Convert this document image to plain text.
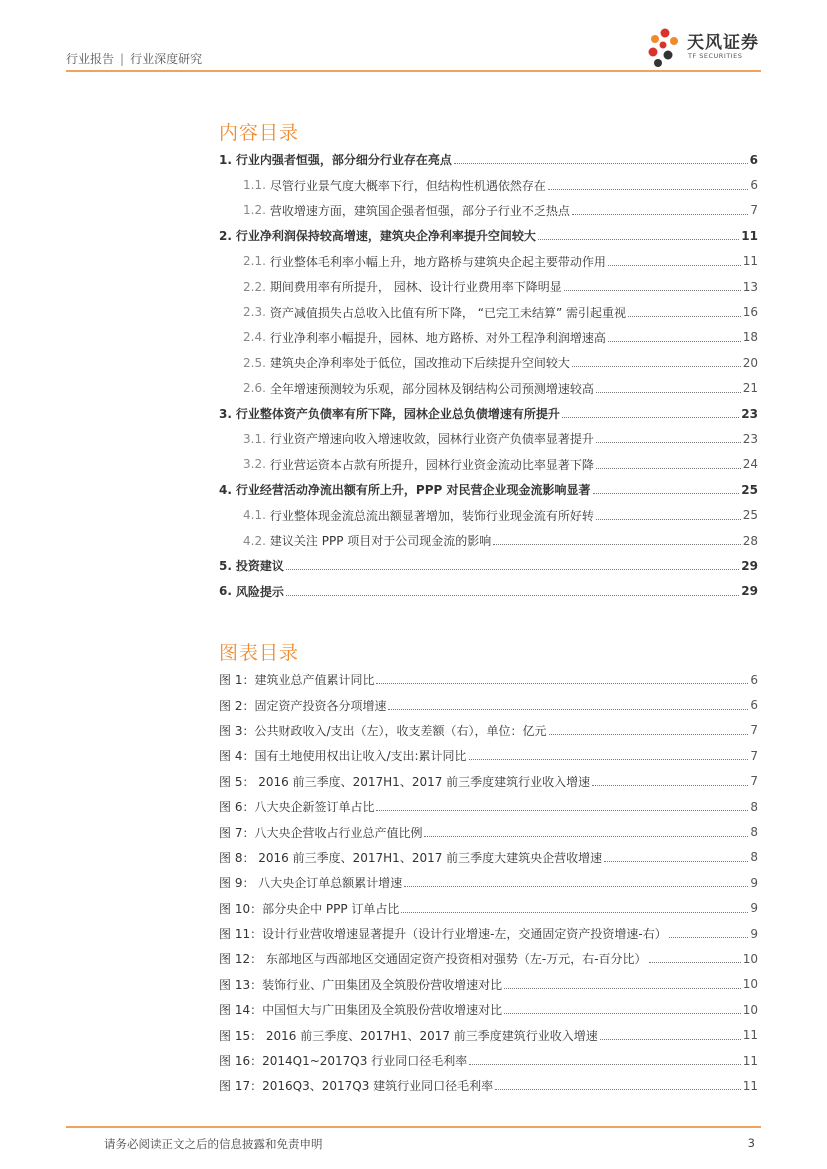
行业报告 | 行业深度研究
天风证券
TF SECURITIES
内容目录
1. 行业内强者恒强，部分细分行业存在亮点	6
1.1. 尽管行业景气度大概率下行，但结构性机遇依然存在	6
1.2. 营收增速方面，建筑国企强者恒强，部分子行业不乏热点	7
2. 行业净利润保持较高增速，建筑央企净利率提升空间较大	11
2.1. 行业整体毛利率小幅上升，地方路桥与建筑央企起主要带动作用	11
2.2. 期间费用率有所提升， 园林、设计行业费用率下降明显	13
2.3. 资产减值损失占总收入比值有所下降， “已完工未结算” 需引起重视	16
2.4. 行业净利率小幅提升，园林、地方路桥、对外工程净利润增速高	18
2.5. 建筑央企净利率处于低位，国改推动下后续提升空间较大	20
2.6. 全年增速预测较为乐观，部分园林及钢结构公司预测增速较高	21
3. 行业整体资产负债率有所下降，园林企业总负债增速有所提升	23
3.1. 行业资产增速向收入增速收敛，园林行业资产负债率显著提升	23
3.2. 行业营运资本占款有所提升，园林行业资金流动比率显著下降	24
4. 行业经营活动净流出额有所上升，PPP 对民营企业现金流影响显著	25
4.1. 行业整体现金流总流出额显著增加，装饰行业现金流有所好转	25
4.2. 建议关注 PPP 项目对于公司现金流的影响	28
5. 投资建议	29
6. 风险提示	29
图表目录
图 1：建筑业总产值累计同比	6
图 2：固定资产投资各分项增速	6
图 3：公共财政收入/支出（左），收支差额（右），单位：亿元	7
图 4：国有土地使用权出让收入/支出:累计同比	7
图 5： 2016 前三季度、2017H1、2017 前三季度建筑行业收入增速	7
图 6：八大央企新签订单占比	8
图 7：八大央企营收占行业总产值比例	8
图 8： 2016 前三季度、2017H1、2017 前三季度大建筑央企营收增速	8
图 9： 八大央企订单总额累计增速	9
图 10：部分央企中 PPP 订单占比	9
图 11：设计行业营收增速显著提升（设计行业增速-左，交通固定资产投资增速-右）	9
图 12： 东部地区与西部地区交通固定资产投资相对强势（左-万元，右-百分比）	10
图 13：装饰行业、广田集团及全筑股份营收增速对比	10
图 14：中国恒大与广田集团及全筑股份营收增速对比	10
图 15： 2016 前三季度、2017H1、2017 前三季度建筑行业收入增速	11
图 16：2014Q1~2017Q3 行业同口径毛利率	11
图 17：2016Q3、2017Q3 建筑行业同口径毛利率	11
请务必阅读正文之后的信息披露和免责申明	3
